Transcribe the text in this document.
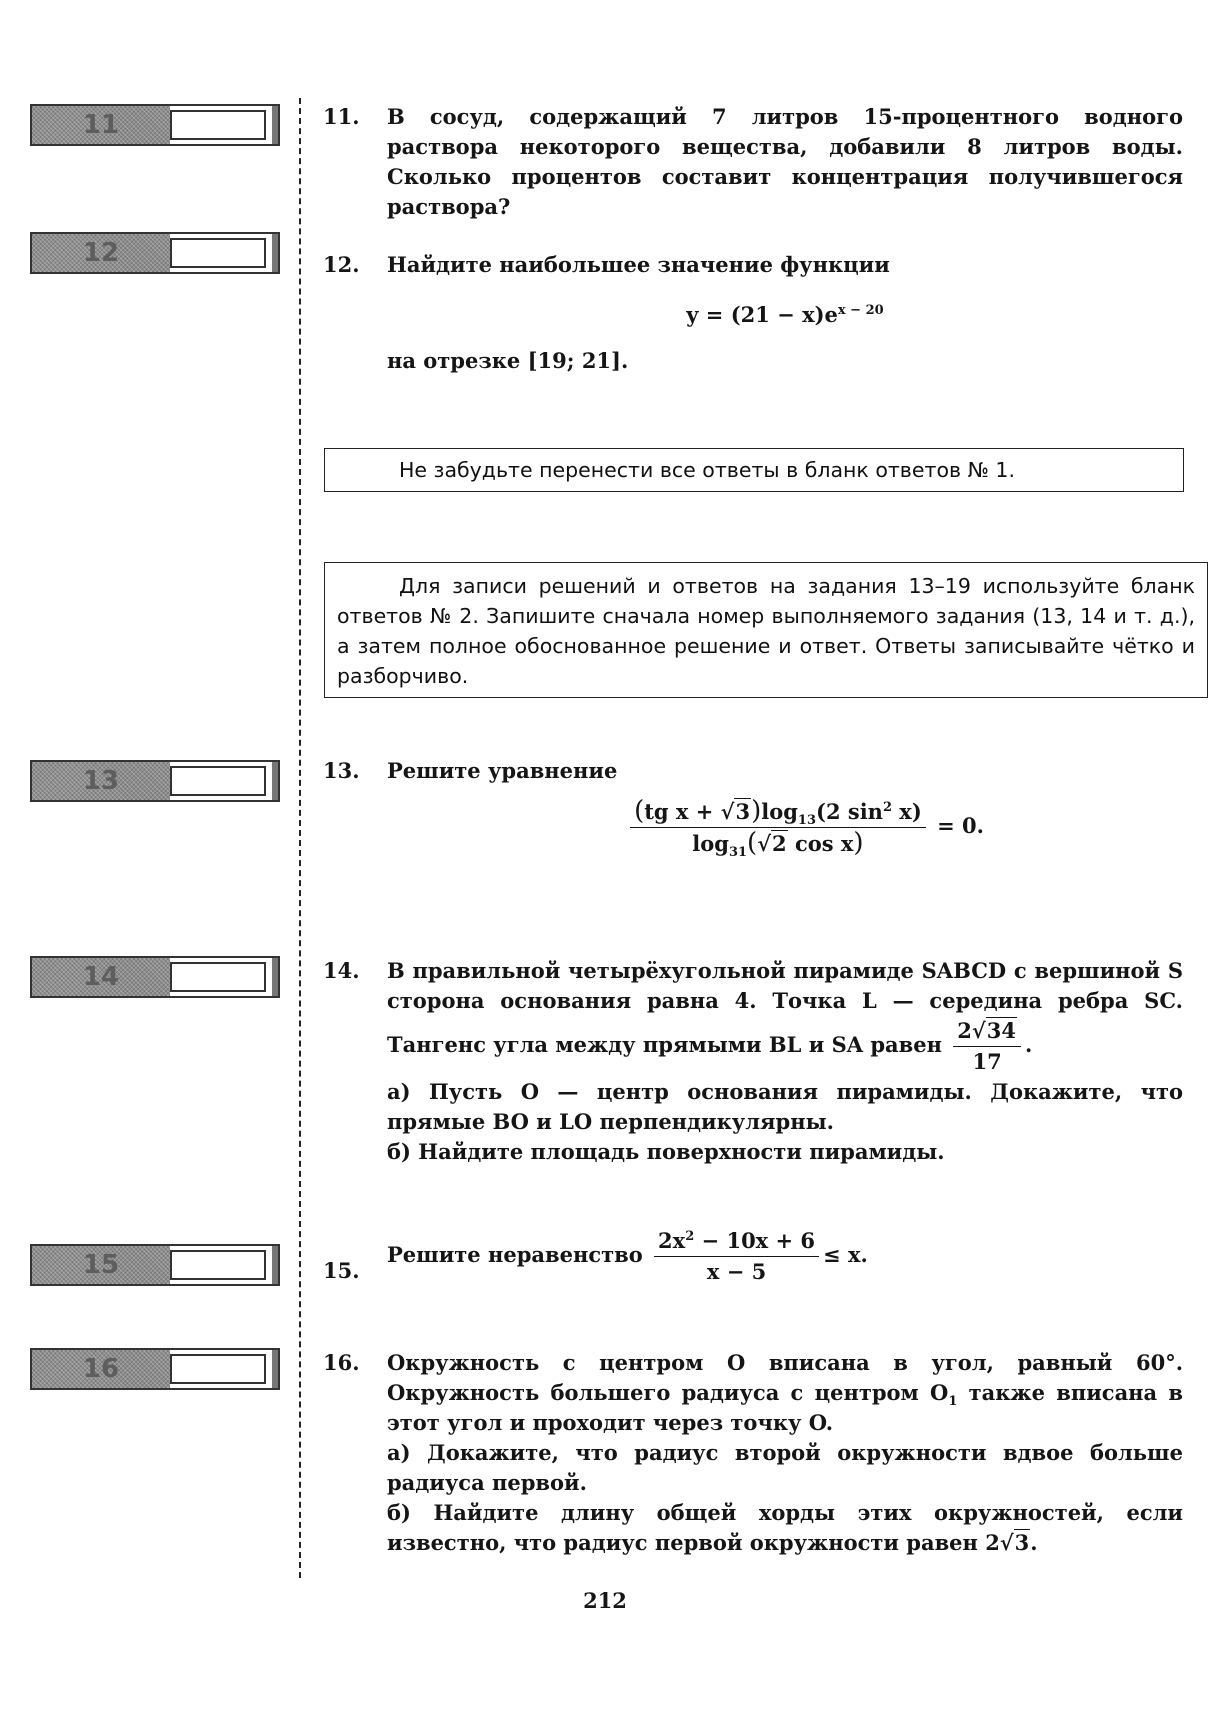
11
12
13
14
15
16
11. В сосуд, содержащий 7 литров 15-процентного водного раствора некоторого вещества, добавили 8 литров воды. Сколько процентов составит концентрация получившегося раствора?

12. Найдите наибольшее значение функции

$y = (21 - x)e^{x - 20}$

на отрезке [19; 21].

Не забудьте перенести все ответы в бланк ответов № 1.
Для записи решений и ответов на задания 13–19 используйте бланк ответов № 2. Запишите сначала номер выполняемого задания (13, 14 и т. д.), а затем полное обоснованное решение и ответ. Ответы записывайте чётко и разборчиво.
13. Решите уравнение

$\frac{(tg x + √3)\log_{13}(2 \sin^2 x)}{\log_{31}(√2 \cos x)} = 0$.

14. В правильной четырёхугольной пирамиде SABCD с вершиной S сторона основания равна 4. Точка L — середина ребра SC. Тангенс угла между прямыми BL и SA равен $\frac{2√34}{17}$ .

а) Пусть O — центр основания пирамиды. Докажите, что прямые BO и LO перпендикулярны.

б) Найдите площадь поверхности пирамиды.

15.

Решите неравенство $\frac{2x^2 - 10x + 6}{x - 5} \le x$.

16. Окружность с центром O вписана в угол, равный 60°. Окружность большего радиуса с центром $O_1$ также вписана в этот угол и проходит через точку O.

а) Докажите, что радиус второй окружности вдвое больше радиуса первой.

б) Найдите длину общей хорды этих окружностей, если известно, что радиус первой окружности равен 2√3.

212
